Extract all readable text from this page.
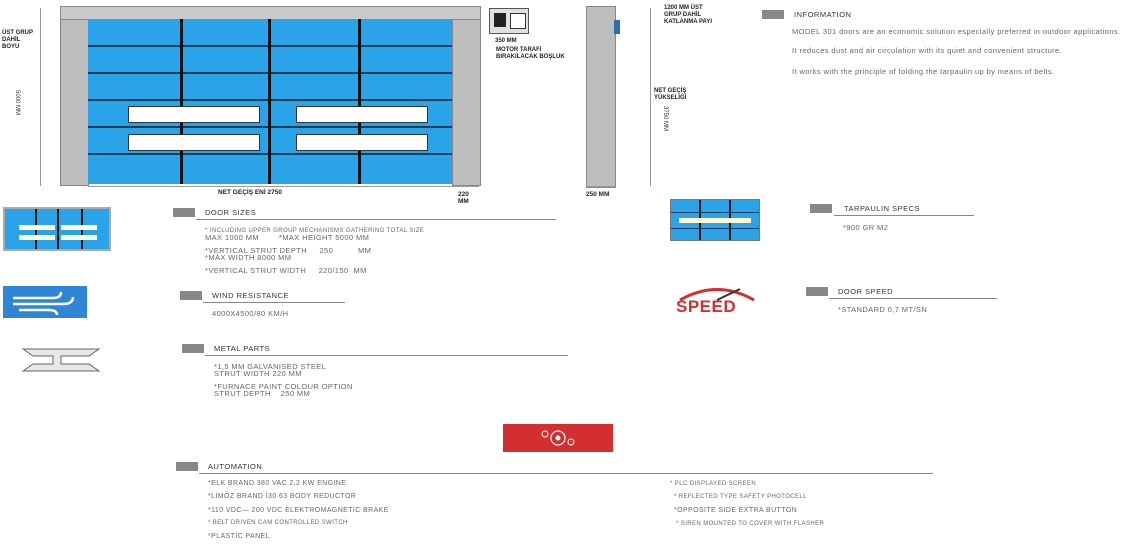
ÜST GRUP DAHİL BOYU
5000 MM
NET GEÇİŞ ENİ 2750	220 MM
350 MM
MOTOR TARAFI BIRAKILACAK BOŞLUK
1200 MM ÜST GRUP DAHİL KATLANMA PAYI
NET GEÇİŞ YÜKSELİĞİ
3750 MM
250 MM
INFORMATION
MODEL 301 doors are an economic solution especially preferred in outdoor applications.
It reduces dust and air circulation with its quiet and convenient structure.
It works with the principle of folding the tarpaulin up by means of belts.
DOOR SIZES
* INCLUDING UPPER GROUP MECHANISMS GATHERING TOTAL SIZE
MAX 1000 MM        *MAX HEIGHT 5000 MM
*VERTICAL STRUT DEPTH     250          MM
*MAX WIDTH 8000 MM
*VERTICAL STRUT WIDTH     220/150  MM
TARPAULIN SPECS
*900 GR M2
WIND RESISTANCE
4000X4500/80 KM/H	SPEED
DOOR SPEED
*STANDARD 0,7 MT/SN
METAL PARTS
*1,5 MM GALVANISED STEEL
STRUT WIDTH 220 MM
*FURNACE PAINT COLOUR OPTION
STRUT DEPTH    250 MM
AUTOMATION
*ELK BRAND 380 VAC 2,2 KW ENGINE
*LİMÖZ BRAND İ30 63 BODY REDUCTOR
*110 VDC— 200 VDC ELEKTROMAGNETIC BRAKE
* BELT DRIVEN CAM CONTROLLED SWITCH
*PLASTİC PANEL
* PLC DISPLAYED SCREEN
* REFLECTED TYPE SAFETY PHOTOCELL
*OPPOSITE SIDE EXTRA BUTTON
* SIREN MOUNTED TO COVER WITH FLASHER
